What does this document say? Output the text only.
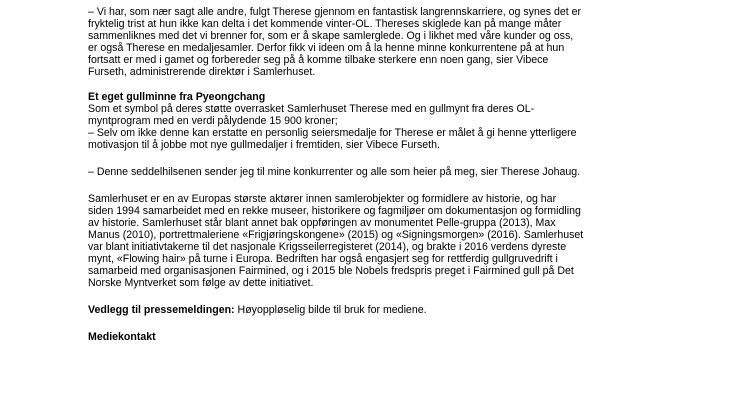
– Vi har, som nær sagt alle andre, fulgt Therese gjennom en fantastisk langrennskarriere, og synes det er
fryktelig trist at hun ikke kan delta i det kommende vinter-OL. Thereses skiglede kan på mange måter
sammenliknes med det vi brenner for, som er å skape samlerglede. Og i likhet med våre kunder og oss,
er også Therese en medaljesamler. Derfor fikk vi ideen om å la henne minne konkurrentene på at hun
fortsatt er med i gamet og forbereder seg på å komme tilbake sterkere enn noen gang, sier Vibece
Furseth, administrerende direktør i Samlerhuset.
Et eget gullminne fra Pyeongchang
Som et symbol på deres støtte overrasket Samlerhuset Therese med en gullmynt fra deres OL-
myntprogram med en verdi pålydende 15 900 kroner;
– Selv om ikke denne kan erstatte en personlig seiersmedalje for Therese er målet å gi henne ytterligere
motivasjon til å jobbe mot nye gullmedaljer i fremtiden, sier Vibece Furseth.
– Denne seddelhilsenen sender jeg til mine konkurrenter og alle som heier på meg, sier Therese Johaug.
Samlerhuset er en av Europas største aktører innen samlerobjekter og formidlere av historie, og har
siden 1994 samarbeidet med en rekke museer, historikere og fagmiljøer om dokumentasjon og formidling
av historie. Samlerhuset står blant annet bak oppføringen av monumentet Pelle-gruppa (2013), Max
Manus (2010), portrettmaleriene «Frigjøringskongene» (2015) og «Signingsmorgen» (2016). Samlerhuset
var blant initiativtakerne til det nasjonale Krigsseilerregisteret (2014), og brakte i 2016 verdens dyreste
mynt, «Flowing hair» på turne i Europa. Bedriften har også engasjert seg for rettferdig gullgruvedrift i
samarbeid med organisasjonen Fairmined, og i 2015 ble Nobels fredspris preget i Fairmined gull på Det
Norske Myntverket som følge av dette initiativet.
Vedlegg til pressemeldingen: Høyoppløselig bilde til bruk for mediene.
Mediekontakt
